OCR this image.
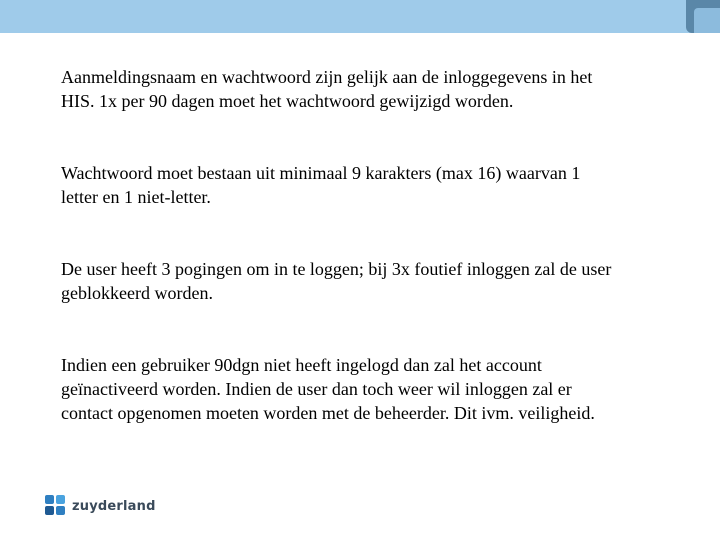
Aanmeldingsnaam en wachtwoord zijn gelijk aan de inloggegevens in het
HIS. 1x per 90 dagen moet het wachtwoord gewijzigd worden.

Wachtwoord moet bestaan uit minimaal 9 karakters (max 16) waarvan 1
letter en 1 niet-letter.

De user heeft 3 pogingen om in te loggen; bij 3x foutief inloggen zal de user
geblokkeerd worden.

Indien een gebruiker 90dgn niet heeft ingelogd dan zal het account
geïnactiveerd worden. Indien de user dan toch weer wil inloggen zal er
contact opgenomen moeten worden met de beheerder. Dit ivm. veiligheid.

zuyderland
